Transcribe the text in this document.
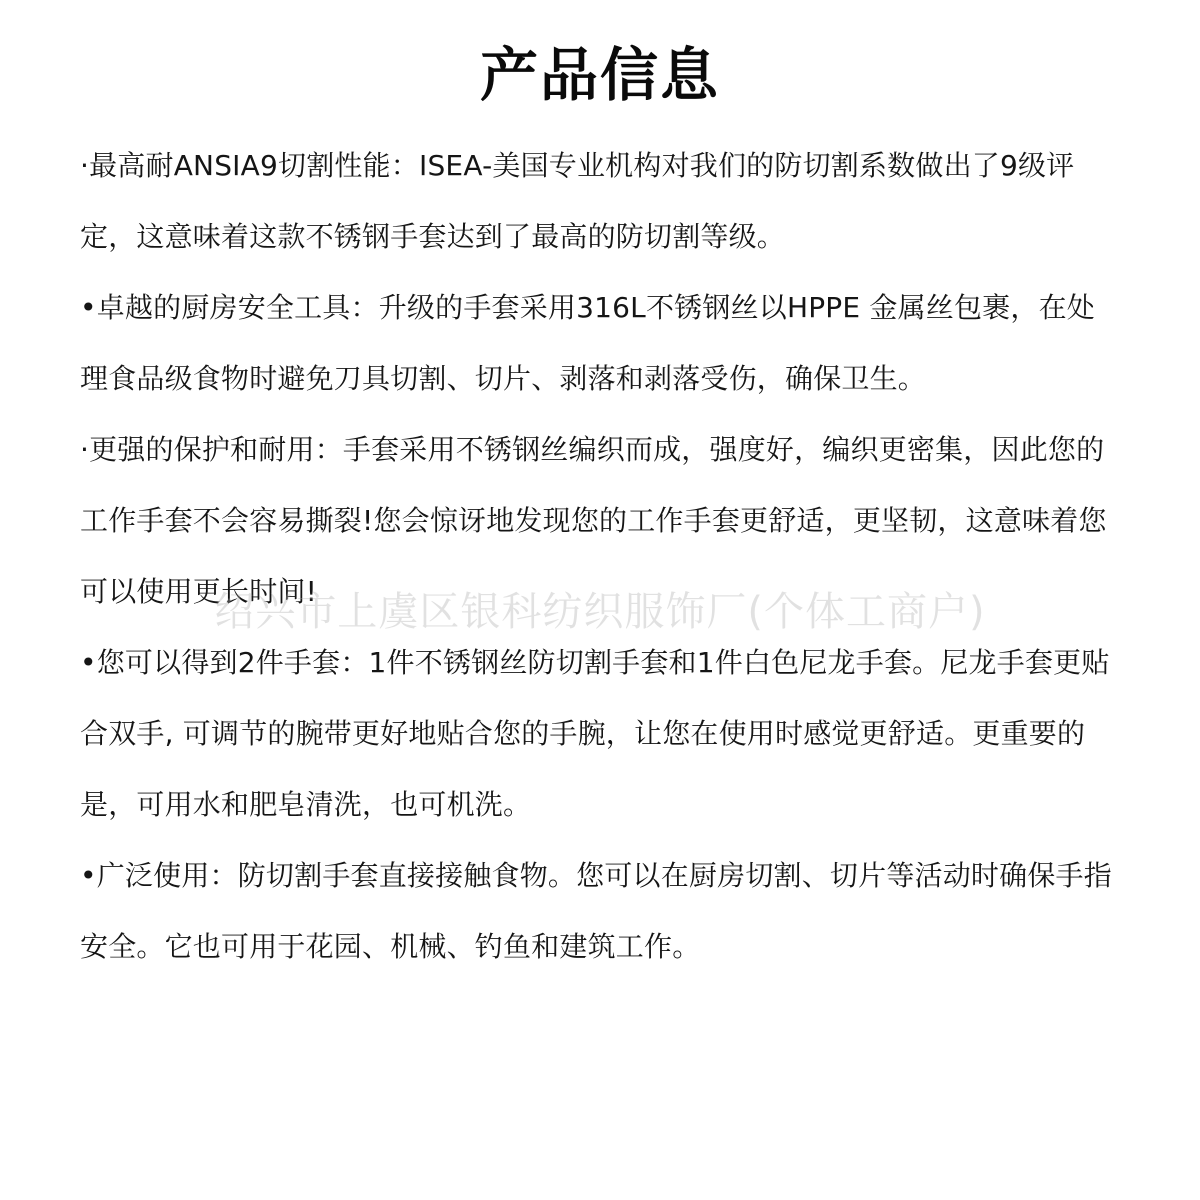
产品信息

·最高耐ANSIA9切割性能：ISEA-美国专业机构对我们的防切割系数做出了9级评定，这意味着这款不锈钢手套达到了最高的防切割等级。

•卓越的厨房安全工具：升级的手套采用316L不锈钢丝以HPPE 金属丝包裹，在处理食品级食物时避免刀具切割、切片、剥落和剥落受伤，确保卫生。

·更强的保护和耐用：手套采用不锈钢丝编织而成，强度好，编织更密集，因此您的工作手套不会容易撕裂!您会惊讶地发现您的工作手套更舒适，更坚韧，这意味着您可以使用更长时间!

•您可以得到2件手套：1件不锈钢丝防切割手套和1件白色尼龙手套。尼龙手套更贴合双手, 可调节的腕带更好地贴合您的手腕，让您在使用时感觉更舒适。更重要的是，可用水和肥皂清洗，也可机洗。

•广泛使用：防切割手套直接接触食物。您可以在厨房切割、切片等活动时确保手指安全。它也可用于花园、机械、钓鱼和建筑工作。

绍兴市上虞区银科纺织服饰厂(个体工商户)
